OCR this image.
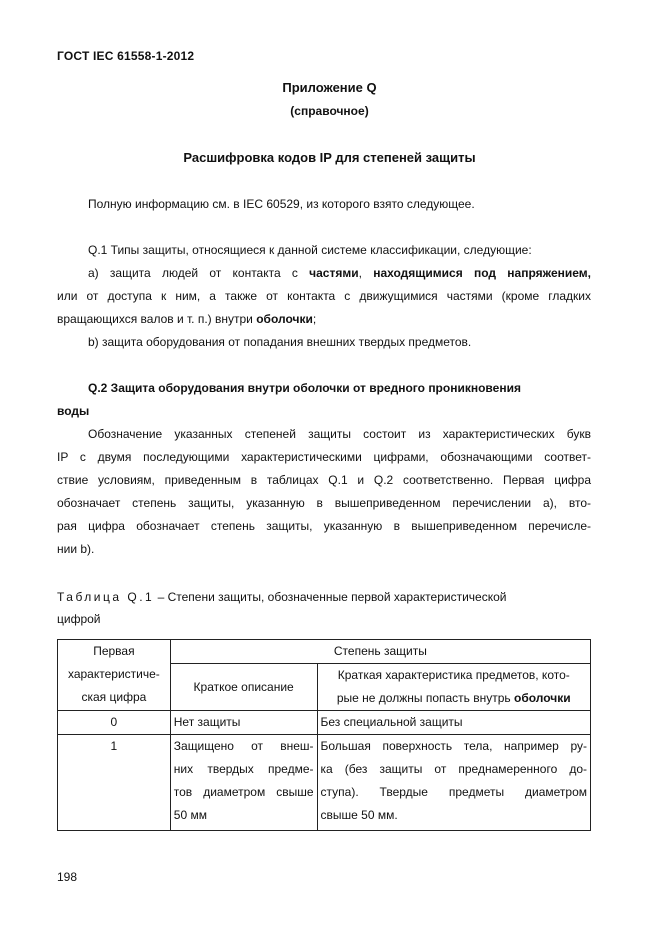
ГОСТ IEC 61558-1-2012
Приложение Q
(справочное)
Расшифровка кодов IP для степеней защиты
Полную информацию см. в IEC 60529, из которого взято следующее.
Q.1 Типы защиты, относящиеся к данной системе классификации, следующие:
а) защита людей от контакта с частями, находящимися под напряжением,
или от доступа к ним, а также от контакта с движущимися частями (кроме гладких
вращающихся валов и т. п.) внутри оболочки;
b) защита оборудования от попадания внешних твердых предметов.
Q.2 Защита оборудования внутри оболочки от вредного проникновения
воды
Обозначение указанных степеней защиты состоит из характеристических букв
IP с двумя последующими характеристическими цифрами, обозначающими соответ-
ствие условиям, приведенным в таблицах Q.1 и Q.2 соответственно. Первая цифра
обозначает степень защиты, указанную в вышеприведенном перечислении а), вто-
рая цифра обозначает степень защиты, указанную в вышеприведенном перечисле-
нии b).
Таблица Q.1 – Степени защиты, обозначенные первой характеристической
цифрой
Первая
характеристиче-
ская цифра	Степень защиты	
	Краткое описание	Краткая характеристика предметов, кото-
рые не должны попасть внутрь оболочки
0	Нет защиты	Без специальной защиты
1	Защищено от внеш-
них твердых предме-
тов диаметром свыше
50 мм	Большая поверхность тела, например ру-
ка (без защиты от преднамеренного до-
ступа). Твердые предметы диаметром
свыше 50 мм.
198
